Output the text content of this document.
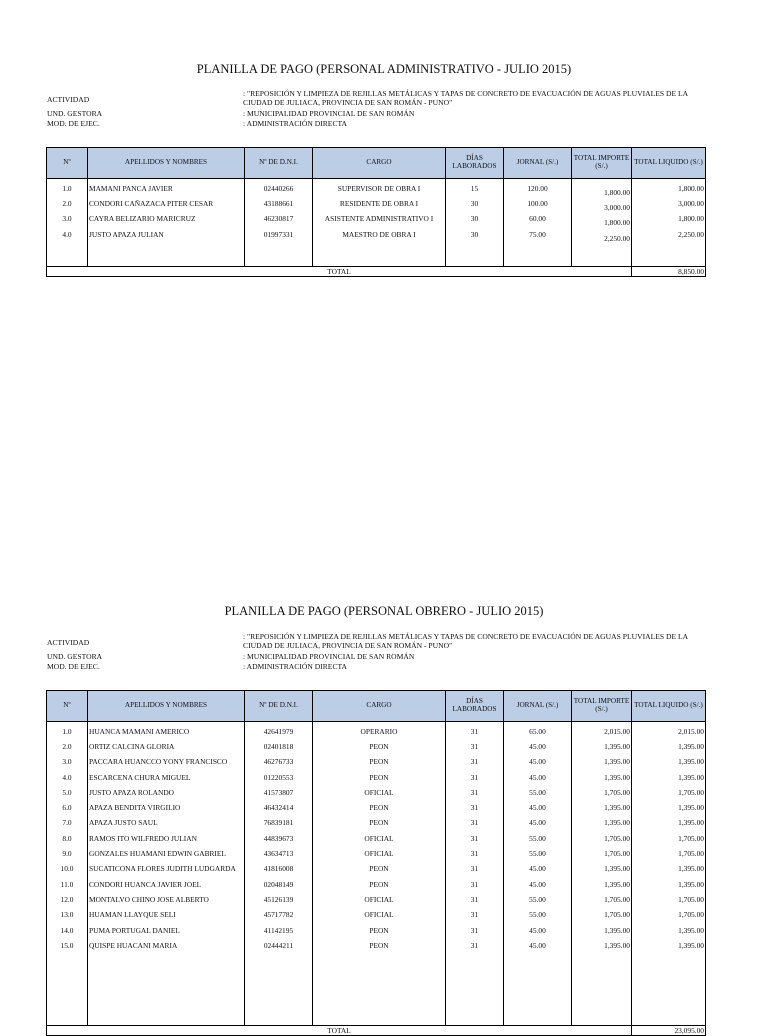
PLANILLA DE PAGO (PERSONAL ADMINISTRATIVO - JULIO 2015)
ACTIVIDAD
: "REPOSICIÓN Y LIMPIEZA DE REJILLAS METÁLICAS Y TAPAS DE CONCRETO DE EVACUACIÓN DE AGUAS PLUVIALES DE LA CIUDAD DE JULIACA, PROVINCIA DE SAN ROMÁN - PUNO"
UND. GESTORA	: MUNICIPALIDAD PROVINCIAL DE SAN ROMÁN
MOD. DE EJEC.	: ADMINISTRACIÓN DIRECTA
Nº	APELLIDOS Y NOMBRES	Nº DE D.N.I.	CARGO	DÍAS LABORADOS	JORNAL (S/.)	TOTAL IMPORTE (S/.)	TOTAL LIQUIDO (S/.)
1.0	MAMANI PANCA JAVIER	02440266	SUPERVISOR DE OBRA I	15	120.00	1,800.00	1,800.00
2.0	CONDORI CAÑAZACA PITER CESAR	43188661	RESIDENTE DE OBRA I	30	100.00	3,000.00	3,000.00
3.0	CAYRA BELIZARIO MARICRUZ	46230817	ASISTENTE ADMINISTRATIVO I	30	60.00	1,800.00	1,800.00
4.0	JUSTO APAZA JULIAN	01997331	MAESTRO DE OBRA I	30	75.00	2,250.00	2,250.00

TOTAL							8,850.00
PLANILLA DE PAGO (PERSONAL OBRERO - JULIO 2015)
ACTIVIDAD
: "REPOSICIÓN Y LIMPIEZA DE REJILLAS METÁLICAS Y TAPAS DE CONCRETO DE EVACUACIÓN DE AGUAS PLUVIALES DE LA CIUDAD DE JULIACA, PROVINCIA DE SAN ROMÁN - PUNO"
UND. GESTORA	: MUNICIPALIDAD PROVINCIAL DE SAN ROMÁN
MOD. DE EJEC.	: ADMINISTRACIÓN DIRECTA
Nº	APELLIDOS Y NOMBRES	Nº DE D.N.I.	CARGO	DÍAS LABORADOS	JORNAL (S/.)	TOTAL IMPORTE (S/.)	TOTAL LIQUIDO (S/.)
1.0	HUANCA MAMANI AMERICO	42641979	OPERARIO	31	65.00	2,015.00	2,015.00
2.0	ORTIZ CALCINA GLORIA	02401818	PEON	31	45.00	1,395.00	1,395.00
3.0	PACCARA HUANCCO YONY FRANCISCO	46276733	PEON	31	45.00	1,395.00	1,395.00
4.0	ESCARCENA CHURA MIGUEL	01220553	PEON	31	45.00	1,395.00	1,395.00
5.0	JUSTO APAZA ROLANDO	41573807	OFICIAL	31	55.00	1,705.00	1,705.00
6.0	APAZA BENDITA VIRGILIO	46432414	PEON	31	45.00	1,395.00	1,395.00
7.0	APAZA JUSTO SAUL	76839181	PEON	31	45.00	1,395.00	1,395.00
8.0	RAMOS ITO WILFREDO JULIAN	44839673	OFICIAL	31	55.00	1,705.00	1,705.00
9.0	GONZALES HUAMANI EDWIN GABRIEL	43634713	OFICIAL	31	55.00	1,705.00	1,705.00
10.0	SUCATICONA FLORES JUDITH LUDGARDA	41816008	PEON	31	45.00	1,395.00	1,395.00
11.0	CONDORI HUANCA JAVIER JOEL	02048149	PEON	31	45.00	1,395.00	1,395.00
12.0	MONTALVO CHINO JOSE ALBERTO	45126139	OFICIAL	31	55.00	1,705.00	1,705.00
13.0	HUAMAN LLAYQUE SELI	45717782	OFICIAL	31	55.00	1,705.00	1,705.00
14.0	PUMA PORTUGAL DANIEL	41142195	PEON	31	45.00	1,395.00	1,395.00
15.0	QUISPE HUACANI MARIA	02444211	PEON	31	45.00	1,395.00	1,395.00

TOTAL							23,095.00
